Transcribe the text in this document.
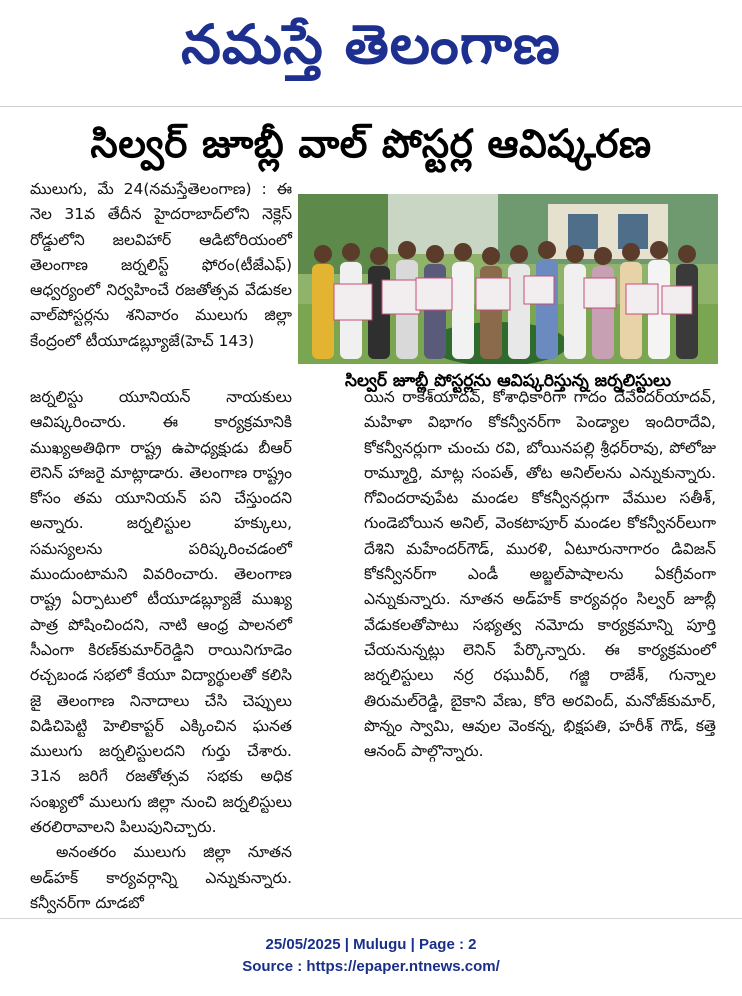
నమస్తే తెలంగాణ
సిల్వర్ జూబ్లీ వాల్ పోస్టర్ల ఆవిష్కరణ

ములుగు, మే 24(నమస్తేతెలంగాణ) : ఈ నెల 31వ తేదీన హైదరాబాద్‌లోని నెక్లెస్ రోడ్డులోని జలవిహార్ ఆడిటోరియంలో తెలంగాణ జర్నలిస్ట్ ఫోరం(టీజేఎఫ్) ఆధ్వర్యంలో నిర్వహించే రజతోత్సవ వేడుకల వాల్‌పోస్టర్లను శనివారం ములుగు జిల్లా కేంద్రంలో టీయూడబ్ల్యూజే(హెచ్ 143)

సిల్వర్ జూబ్లీ పోస్టర్లను ఆవిష్కరిస్తున్న జర్నలిస్టులు

జర్నలిస్టు యూనియన్ నాయకులు ఆవిష్కరించారు. ఈ కార్యక్రమానికి ముఖ్యఅతిథిగా రాష్ట్ర ఉపాధ్యక్షుడు బీఆర్ లెనిన్ హాజరై మాట్లాడారు. తెలంగాణ రాష్ట్రం కోసం తమ యూనియన్ పని చేస్తుందని అన్నారు. జర్నలిస్టుల హక్కులు, సమస్యలను పరిష్కరించడంలో ముందుంటామని వివరించారు. తెలంగాణ రాష్ట్ర ఏర్పాటులో టీయూడబ్ల్యూజే ముఖ్య పాత్ర పోషించిందని, నాటి ఆంధ్ర పాలనలో సీఎంగా కిరణ్‌కుమార్‌రెడ్డిని రాయినిగూడెం రచ్చబండ సభలో కేయూ విద్యార్థులతో కలిసి జై తెలంగాణ నినాదాలు చేసి చెప్పులు విడిచిపెట్టి హెలికాప్టర్ ఎక్కించిన ఘనత ములుగు జర్నలిస్టులదని గుర్తు చేశారు. 31న జరిగే రజతోత్సవ సభకు అధిక సంఖ్యలో ములుగు జిల్లా నుంచి జర్నలిస్టులు తరలిరావాలని పిలుపునిచ్చారు.

అనంతరం ములుగు జిల్లా నూతన అడ్‌హక్ కార్యవర్గాన్ని ఎన్నుకున్నారు. కన్వీనర్‌గా దూడబో

యిన రాకేశ్‌యాదవ్, కోశాధికారిగా గాదం దేవేందర్‌యాదవ్, మహిళా విభాగం కోకన్వీనర్‌గా పెండ్యాల ఇందిరాదేవి, కోకన్వీనర్లుగా చుంచు రవి, బోయినపల్లి శ్రీధర్‌రావు, పోలోజు రామ్మూర్తి, మాట్ల సంపత్, తోట అనిల్‌లను ఎన్నుకున్నారు. గోవిందరావుపేట మండల కోకన్వీనర్లుగా వేముల సతీశ్, గుండెబోయిన అనిల్, వెంకటాపూర్ మండల కోకన్వీనర్‌లుగా దేశిని మహేందర్‌గౌడ్, మురళి, ఏటూరునాగారం డివిజన్ కోకన్వీనర్‌గా ఎండీ అబ్జల్‌పాషాలను ఏకగ్రీవంగా ఎన్నుకున్నారు. నూతన అడ్‌హక్ కార్యవర్గం సిల్వర్ జూబ్లీ వేడుకలతోపాటు సభ్యత్వ నమోదు కార్యక్రమాన్ని పూర్తి చేయనున్నట్లు లెనిన్ పేర్కొన్నారు. ఈ కార్యక్రమంలో జర్నలిస్టులు నర్ర రఘువీర్, గజ్జి రాజేశ్, గున్నాల తిరుమల్‌రెడ్డి, బైకాని వేణు, కోరె అరవింద్, మనోజ్‌కుమార్, పొన్నం స్వామి, ఆవుల వెంకన్న, భిక్షపతి, హరీశ్ గౌడ్, కత్తె ఆనంద్ పాల్గొన్నారు.

25/05/2025 | Mulugu | Page : 2
Source : https://epaper.ntnews.com/
